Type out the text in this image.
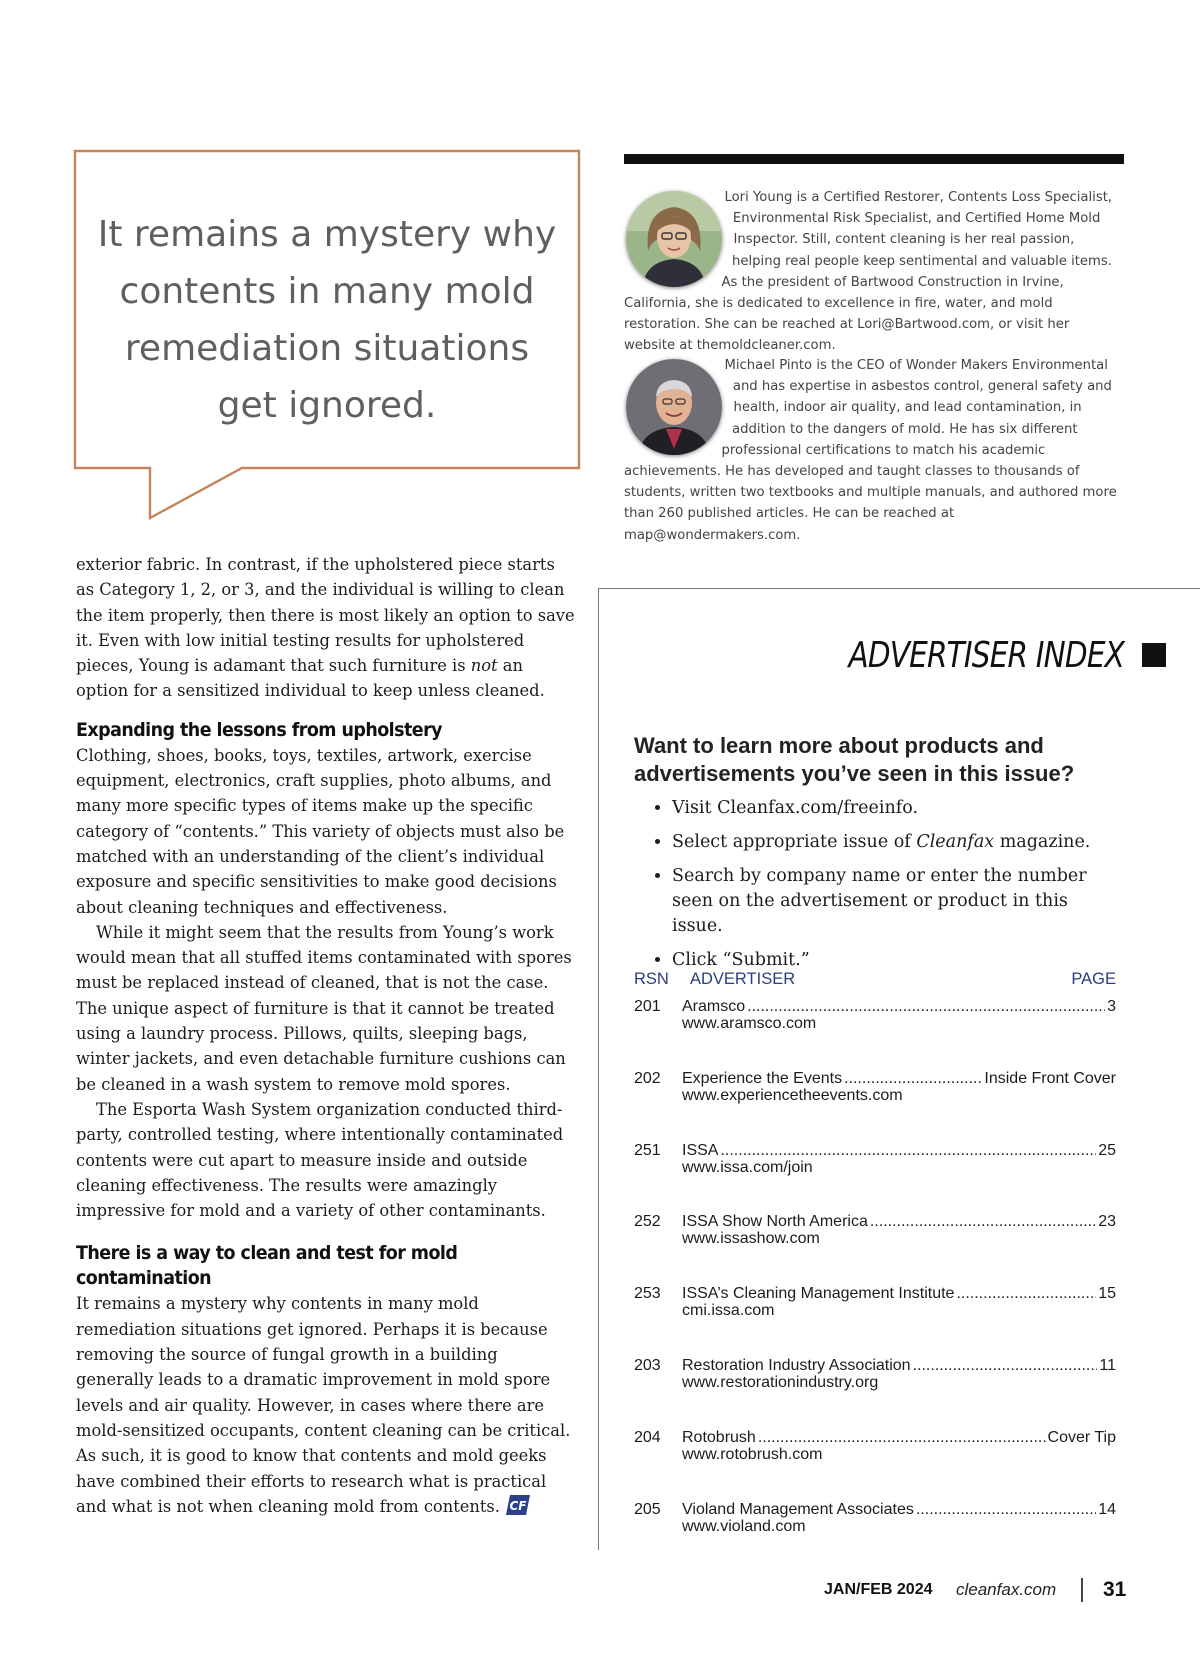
It remains a mystery why contents in many mold remediation situations get ignored.
Lori Young is a Certified Restorer, Contents Loss Specialist, Environmental Risk Specialist, and Certified Home Mold Inspector. Still, content cleaning is her real passion, helping real people keep sentimental and valuable items. As the president of Bartwood Construction in Irvine, California, she is dedicated to excellence in fire, water, and mold restoration. She can be reached at Lori@Bartwood.com, or visit her website at themoldcleaner.com.
Michael Pinto is the CEO of Wonder Makers Environmental and has expertise in asbestos control, general safety and health, indoor air quality, and lead contamination, in addition to the dangers of mold. He has six different professional certifications to match his academic achievements. He has developed and taught classes to thousands of students, written two textbooks and multiple manuals, and authored more than 260 published articles. He can be reached at map@wondermakers.com.

exterior fabric. In contrast, if the upholstered piece starts as Category 1, 2, or 3, and the individual is willing to clean the item properly, then there is most likely an option to save it. Even with low initial testing results for upholstered pieces, Young is adamant that such furniture is not an option for a sensitized individual to keep unless cleaned.

Expanding the lessons from upholstery

Clothing, shoes, books, toys, textiles, artwork, exercise equipment, electronics, craft supplies, photo albums, and many more specific types of items make up the specific category of “contents.” This variety of objects must also be matched with an understanding of the client’s individual exposure and specific sensitivities to make good decisions about cleaning techniques and effectiveness.

While it might seem that the results from Young’s work would mean that all stuffed items contaminated with spores must be replaced instead of cleaned, that is not the case. The unique aspect of furniture is that it cannot be treated using a laundry process. Pillows, quilts, sleeping bags, winter jackets, and even detachable furniture cushions can be cleaned in a wash system to remove mold spores.

The Esporta Wash System organization conducted third-party, controlled testing, where intentionally contaminated contents were cut apart to measure inside and outside cleaning effectiveness. The results were amazingly impressive for mold and a variety of other contaminants.

There is a way to clean and test for mold contamination

It remains a mystery why contents in many mold remediation situations get ignored. Perhaps it is because removing the source of fungal growth in a building generally leads to a dramatic improvement in mold spore levels and air quality. However, in cases where there are mold-sensitized occupants, content cleaning can be critical. As such, it is good to know that contents and mold geeks have combined their efforts to research what is practical and what is not when cleaning mold from contents. CF

ADVERTISER INDEX
Want to learn more about products and advertisements you’ve seen in this issue?
• Visit Cleanfax.com/freeinfo.
• Select appropriate issue of Cleanfax magazine.
• Search by company name or enter the number seen on the advertisement or product in this issue.
• Click “Submit.”
RSN ADVERTISER	PAGE
201 Aramsco .....	3
www.aramsco.com
202 Experience the Events .....	Inside Front Cover
www.experiencetheevents.com
251 ISSA .....	25
www.issa.com/join
252 ISSA Show North America .....	23
www.issashow.com
253 ISSA’s Cleaning Management Institute .....	15
cmi.issa.com
203 Restoration Industry Association .....	11
www.restorationindustry.org
204 Rotobrush .....	Cover Tip
www.rotobrush.com
205 Violand Management Associates .....	14
www.violand.com
JAN/FEB 2024 cleanfax.com 31
